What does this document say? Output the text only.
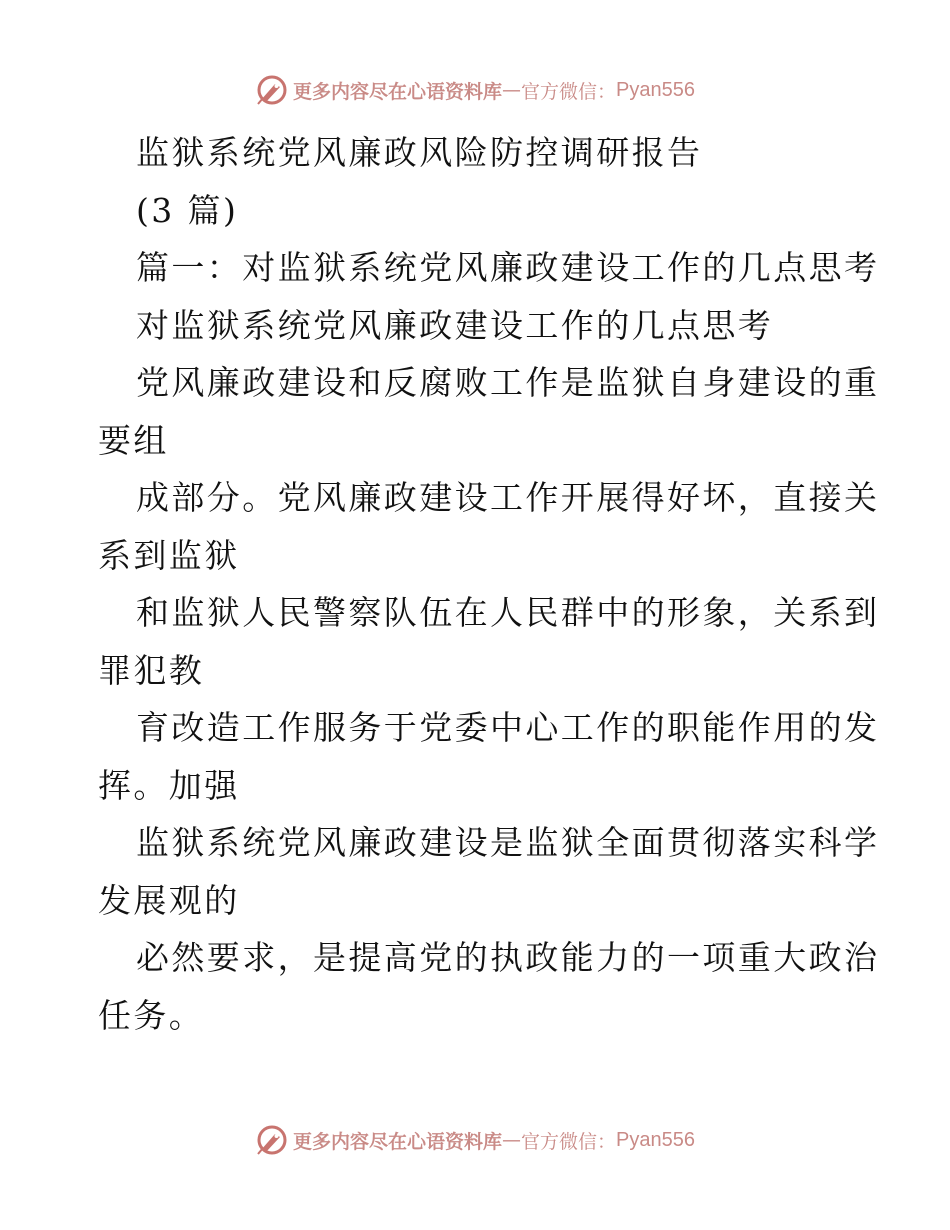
更多内容尽在心语资料库 — 官方微信： Pyan556
监狱系统党风廉政风险防控调研报告
(3 篇)
篇一：对监狱系统党风廉政建设工作的几点思考
对监狱系统党风廉政建设工作的几点思考
党风廉政建设和反腐败工作是监狱自身建设的重
要组
成部分。党风廉政建设工作开展得好坏，直接关
系到监狱
和监狱人民警察队伍在人民群中的形象，关系到
罪犯教
育改造工作服务于党委中心工作的职能作用的发
挥。加强
监狱系统党风廉政建设是监狱全面贯彻落实科学
发展观的
必然要求，是提高党的执政能力的一项重大政治
任务。
更多内容尽在心语资料库 — 官方微信： Pyan556
